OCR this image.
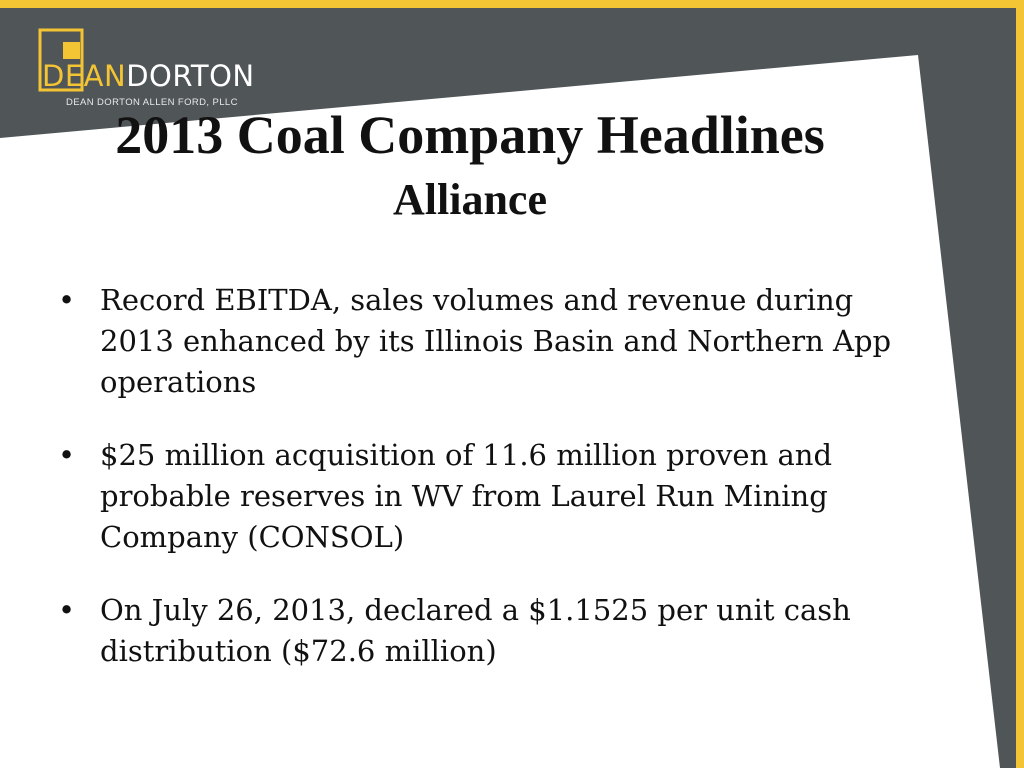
DEANDORTON
DEAN DORTON ALLEN FORD, PLLC
2013 Coal Company Headlines
Alliance
• Record EBITDA, sales volumes and revenue during 2013 enhanced by its Illinois Basin and Northern App operations
• $25 million acquisition of 11.6 million proven and probable reserves in WV from Laurel Run Mining Company (CONSOL)
• On July 26, 2013, declared a $1.1525 per unit cash distribution ($72.6 million)
